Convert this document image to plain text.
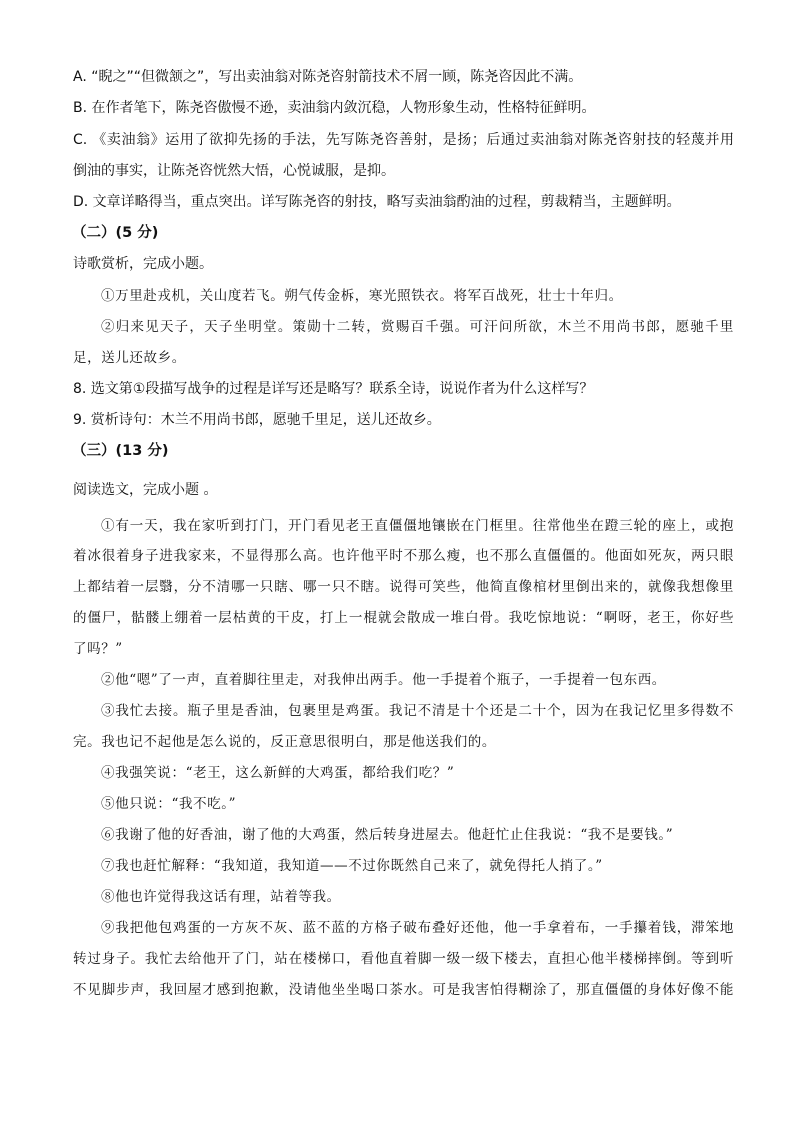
A. “睨之”“但微颔之”，写出卖油翁对陈尧咨射箭技术不屑一顾，陈尧咨因此不满。
B. 在作者笔下，陈尧咨傲慢不逊，卖油翁内敛沉稳，人物形象生动，性格特征鲜明。
C. 《卖油翁》运用了欲抑先扬的手法，先写陈尧咨善射，是扬；后通过卖油翁对陈尧咨射技的轻蔑并用
倒油的事实，让陈尧咨恍然大悟，心悦诚服，是抑。
D. 文章详略得当，重点突出。详写陈尧咨的射技，略写卖油翁酌油的过程，剪裁精当，主题鲜明。
（二）(5 分)
诗歌赏析，完成小题。
①万里赴戎机，关山度若飞。朔气传金柝，寒光照铁衣。将军百战死，壮士十年归。
②归来见天子，天子坐明堂。策勋十二转，赏赐百千强。可汗问所欲，木兰不用尚书郎，愿驰千里
足，送儿还故乡。
8. 选文第①段描写战争的过程是详写还是略写？联系全诗，说说作者为什么这样写？
9. 赏析诗句：木兰不用尚书郎，愿驰千里足，送儿还故乡。
（三）(13 分)
阅读选文，完成小题 。
①有一天，我在家听到打门，开门看见老王直僵僵地镶嵌在门框里。往常他坐在蹬三轮的座上，或抱
着冰很着身子进我家来，不显得那么高。也许他平时不那么瘦，也不那么直僵僵的。他面如死灰，两只眼
上都结着一层翳，分不清哪一只瞎、哪一只不瞎。说得可笑些，他简直像棺材里倒出来的，就像我想像里
的僵尸，骷髅上绷着一层枯黄的干皮，打上一棍就会散成一堆白骨。我吃惊地说：“啊呀，老王，你好些
了吗？”
②他“嗯”了一声，直着脚往里走，对我伸出两手。他一手提着个瓶子，一手提着一包东西。
③我忙去接。瓶子里是香油，包裹里是鸡蛋。我记不清是十个还是二十个，因为在我记忆里多得数不
完。我也记不起他是怎么说的，反正意思很明白，那是他送我们的。
④我强笑说：“老王，这么新鲜的大鸡蛋，都给我们吃？”
⑤他只说：“我不吃。”
⑥我谢了他的好香油，谢了他的大鸡蛋，然后转身进屋去。他赶忙止住我说：“我不是要钱。”
⑦我也赶忙解释：“我知道，我知道——不过你既然自己来了，就免得托人捎了。”
⑧他也许觉得我这话有理，站着等我。
⑨我把他包鸡蛋的一方灰不灰、蓝不蓝的方格子破布叠好还他，他一手拿着布，一手攥着钱，滞笨地
转过身子。我忙去给他开了门，站在楼梯口，看他直着脚一级一级下楼去，直担心他半楼梯摔倒。等到听
不见脚步声，我回屋才感到抱歉，没请他坐坐喝口茶水。可是我害怕得糊涂了，那直僵僵的身体好像不能
